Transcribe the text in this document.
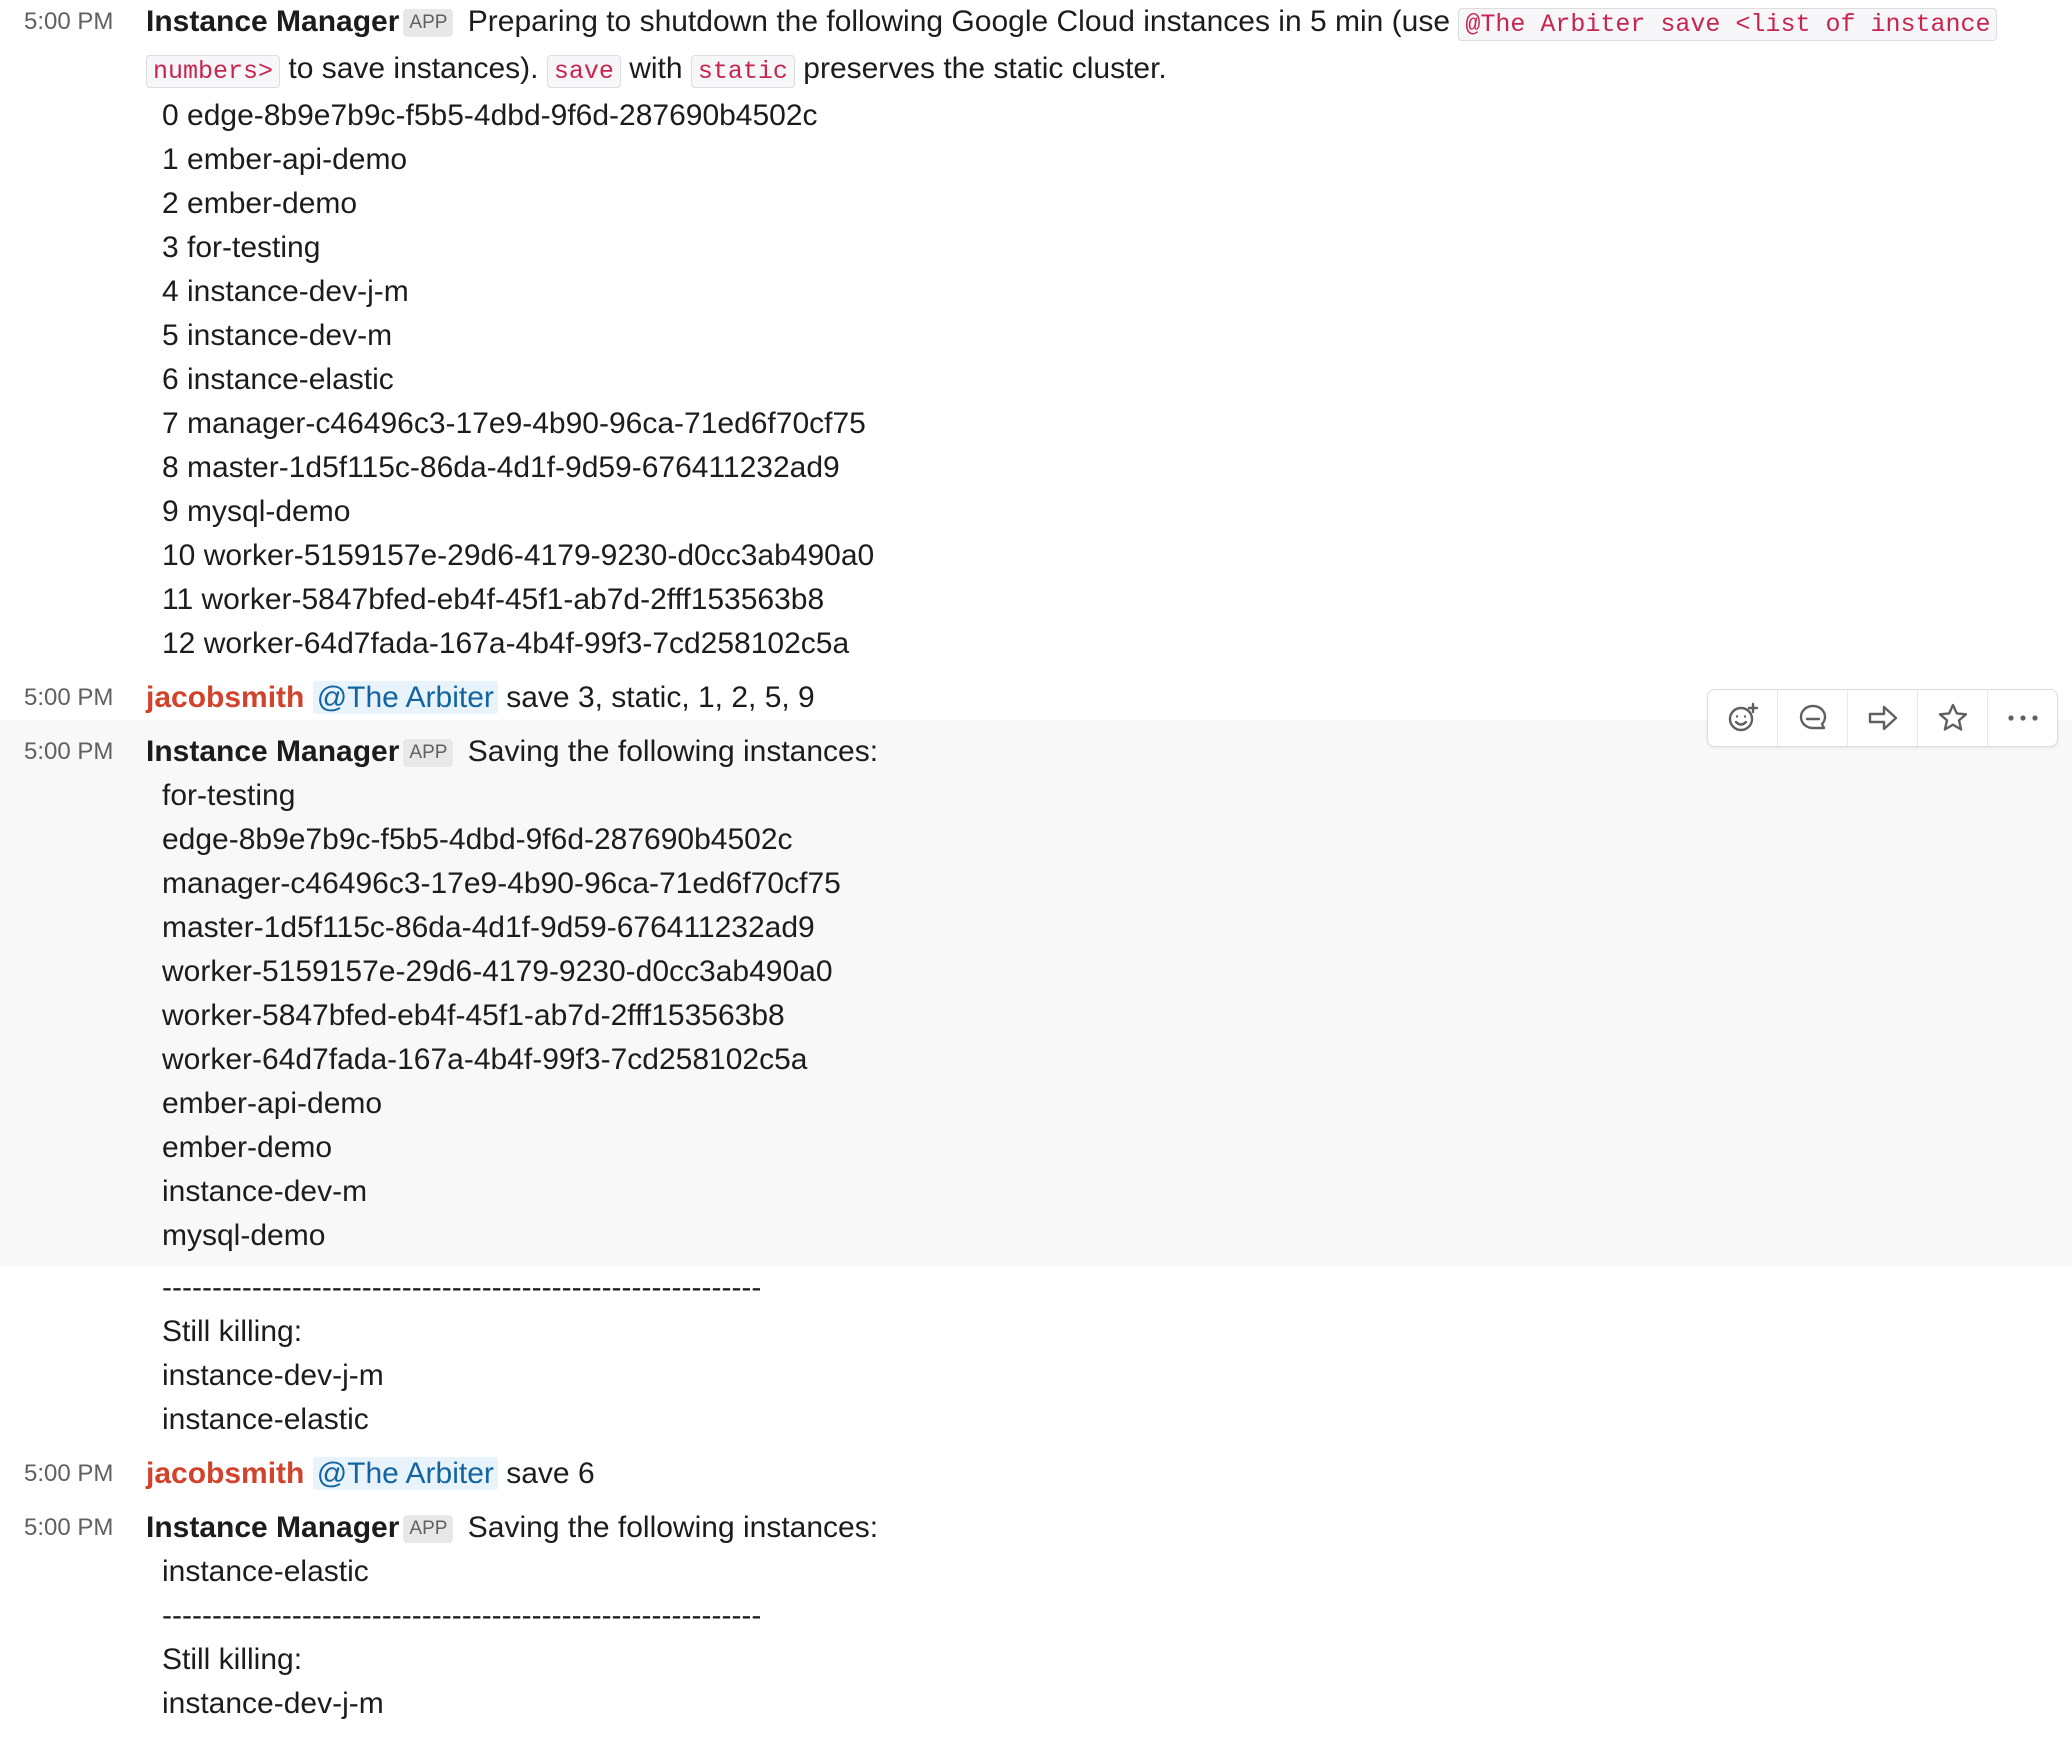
5:00 PM Instance Manager APP Preparing to shutdown the following Google Cloud instances in 5 min (use @The Arbiter save <list of instance
numbers> to save instances). save with static preserves the static cluster.
0 edge-8b9e7b9c-f5b5-4dbd-9f6d-287690b4502c
1 ember-api-demo
2 ember-demo
3 for-testing
4 instance-dev-j-m
5 instance-dev-m
6 instance-elastic
7 manager-c46496c3-17e9-4b90-96ca-71ed6f70cf75
8 master-1d5f115c-86da-4d1f-9d59-676411232ad9
9 mysql-demo
10 worker-5159157e-29d6-4179-9230-d0cc3ab490a0
11 worker-5847bfed-eb4f-45f1-ab7d-2fff153563b8
12 worker-64d7fada-167a-4b4f-99f3-7cd258102c5a
5:00 PM jacobsmith @The Arbiter save 3, static, 1, 2, 5, 9
5:00 PM Instance Manager APP Saving the following instances:
for-testing
edge-8b9e7b9c-f5b5-4dbd-9f6d-287690b4502c
manager-c46496c3-17e9-4b90-96ca-71ed6f70cf75
master-1d5f115c-86da-4d1f-9d59-676411232ad9
worker-5159157e-29d6-4179-9230-d0cc3ab490a0
worker-5847bfed-eb4f-45f1-ab7d-2fff153563b8
worker-64d7fada-167a-4b4f-99f3-7cd258102c5a
ember-api-demo
ember-demo
instance-dev-m
mysql-demo
------------------------------------------------------------
Still killing:
instance-dev-j-m
instance-elastic
5:00 PM jacobsmith @The Arbiter save 6
5:00 PM Instance Manager APP Saving the following instances:
instance-elastic
------------------------------------------------------------
Still killing:
instance-dev-j-m
